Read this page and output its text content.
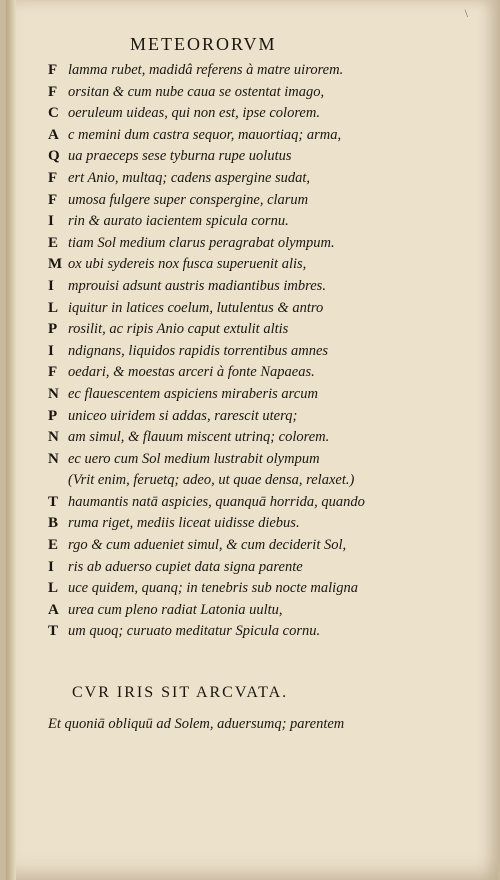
\
METEORORVM
F lamma rubet, madidâ referens à matre uirorem.
F orsitan & cum nube caua se ostentat imago,
C oeruleum uideas, qui non est, ipse colorem.
A c memini dum castra sequor, mauortiaq; arma,
Q ua praeceps sese tyburna rupe uolutus
F ert Anio, multaq; cadens aspergine sudat,
F umosa fulgere super conspergine, clarum
I rin & aurato iacientem spicula cornu.
E tiam Sol medium clarus peragrabat olympum.
M ox ubi sydereis nox fusca superuenit alis,
I mprouisi adsunt austris madiantibus imbres.
L iquitur in latices coelum, lutulentus & antro
P rosilit, ac ripis Anio caput extulit altis
I ndignans, liquidos rapidis torrentibus amnes
F oedari, & moestas arceri à fonte Napaeas.
N ec flauescentem aspiciens miraberis arcum
P uniceo uiridem si addas, rarescit uterq;
N am simul, & flauum miscent utrinq; colorem.
N ec uero cum Sol medium lustrabit olympum
(Vrit enim, feruetq; adeo, ut quae densa, relaxet.)
T haumantis natā aspicies, quanquā horrida, quando
B ruma riget, mediis liceat uidisse diebus.
E rgo & cum adueniet simul, & cum deciderit Sol,
I ris ab aduerso cupiet data signa parente
L uce quidem, quanq; in tenebris sub nocte maligna
A urea cum pleno radiat Latonia uultu,
T um quoq; curuato meditatur Spicula cornu.
CVR IRIS SIT ARCVATA.
Et quoniā obliquū ad Solem, aduersumq; parentem
